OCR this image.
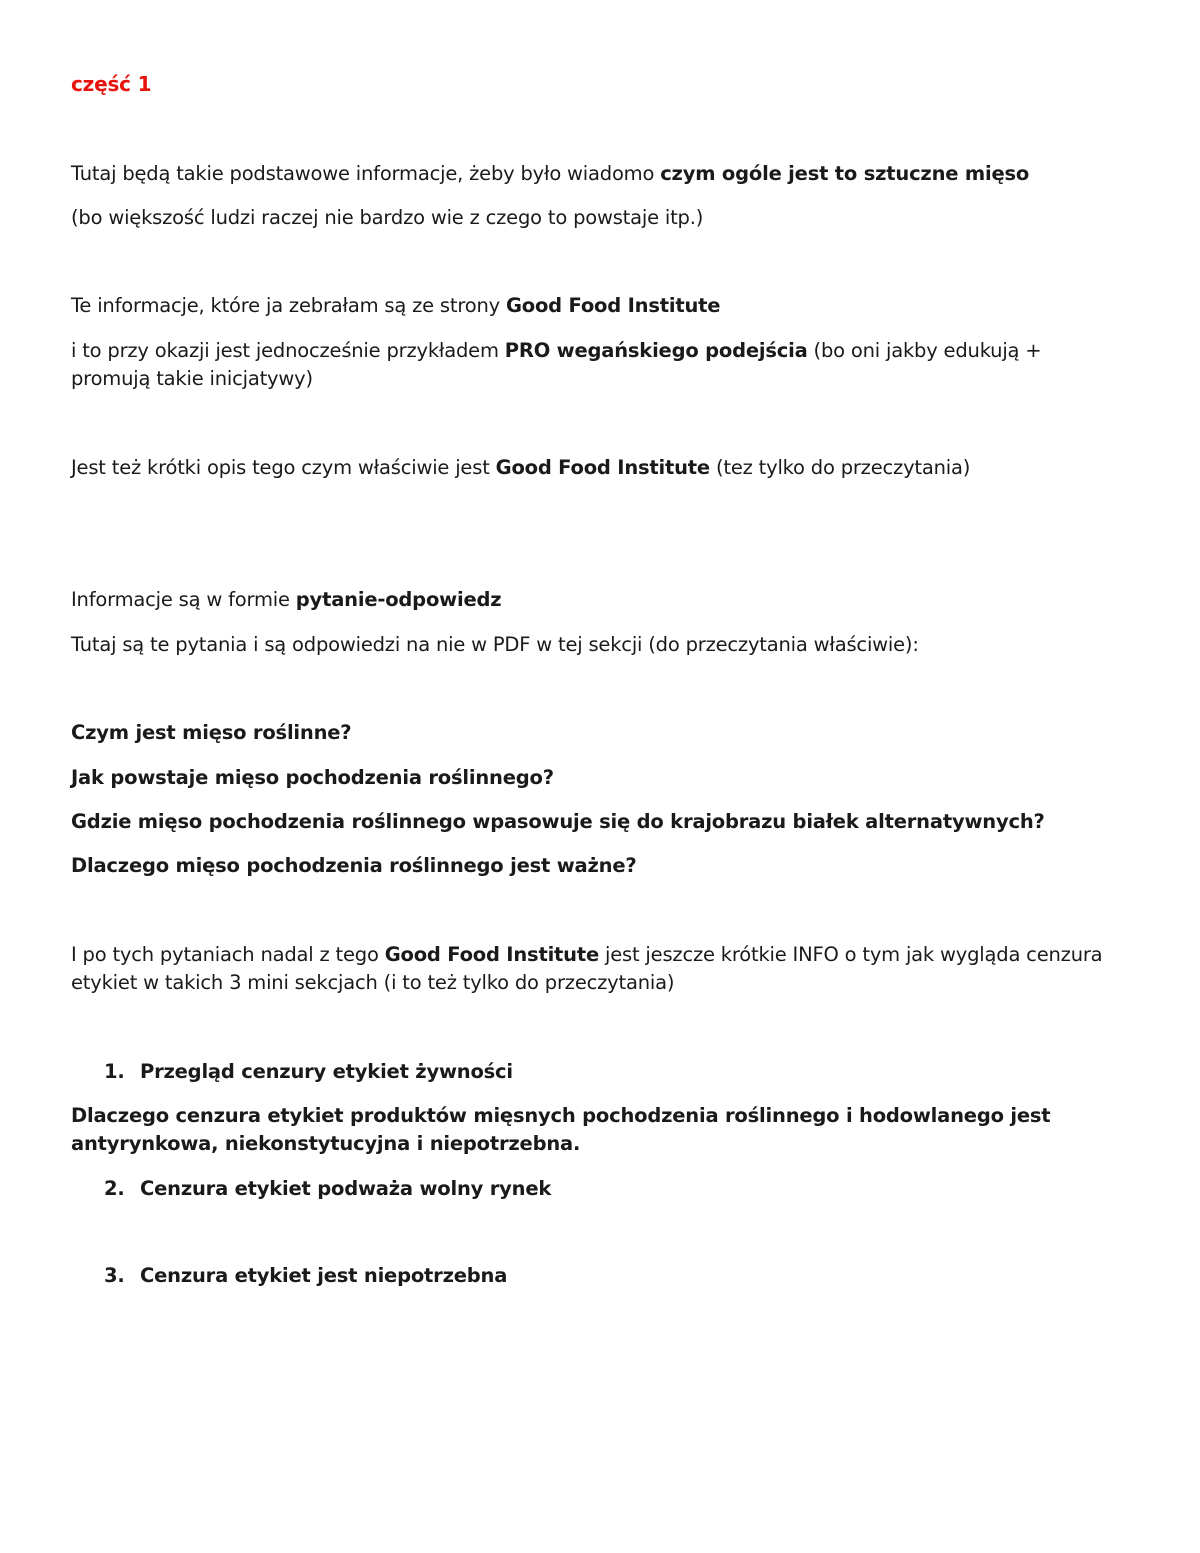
część 1
Tutaj będą takie podstawowe informacje, żeby było wiadomo czym ogóle jest to sztuczne mięso
(bo większość ludzi raczej nie bardzo wie z czego to powstaje itp.)
Te informacje, które ja zebrałam są ze strony Good Food Institute
i to przy okazji jest jednocześnie przykładem PRO wegańskiego podejścia (bo oni jakby edukują + promują takie inicjatywy)
Jest też krótki opis tego czym właściwie jest Good Food Institute (tez tylko do przeczytania)
Informacje są w formie pytanie-odpowiedz
Tutaj są te pytania i są odpowiedzi na nie w PDF w tej sekcji (do przeczytania właściwie):
Czym jest mięso roślinne?
Jak powstaje mięso pochodzenia roślinnego?
Gdzie mięso pochodzenia roślinnego wpasowuje się do krajobrazu białek alternatywnych?
Dlaczego mięso pochodzenia roślinnego jest ważne?
I po tych pytaniach nadal z tego Good Food Institute jest jeszcze krótkie INFO o tym jak wygląda cenzura etykiet w takich 3 mini sekcjach (i to też tylko do przeczytania)
1. Przegląd cenzury etykiet żywności
Dlaczego cenzura etykiet produktów mięsnych pochodzenia roślinnego i hodowlanego jest antyrynkowa, niekonstytucyjna i niepotrzebna.
2. Cenzura etykiet podważa wolny rynek
3. Cenzura etykiet jest niepotrzebna
